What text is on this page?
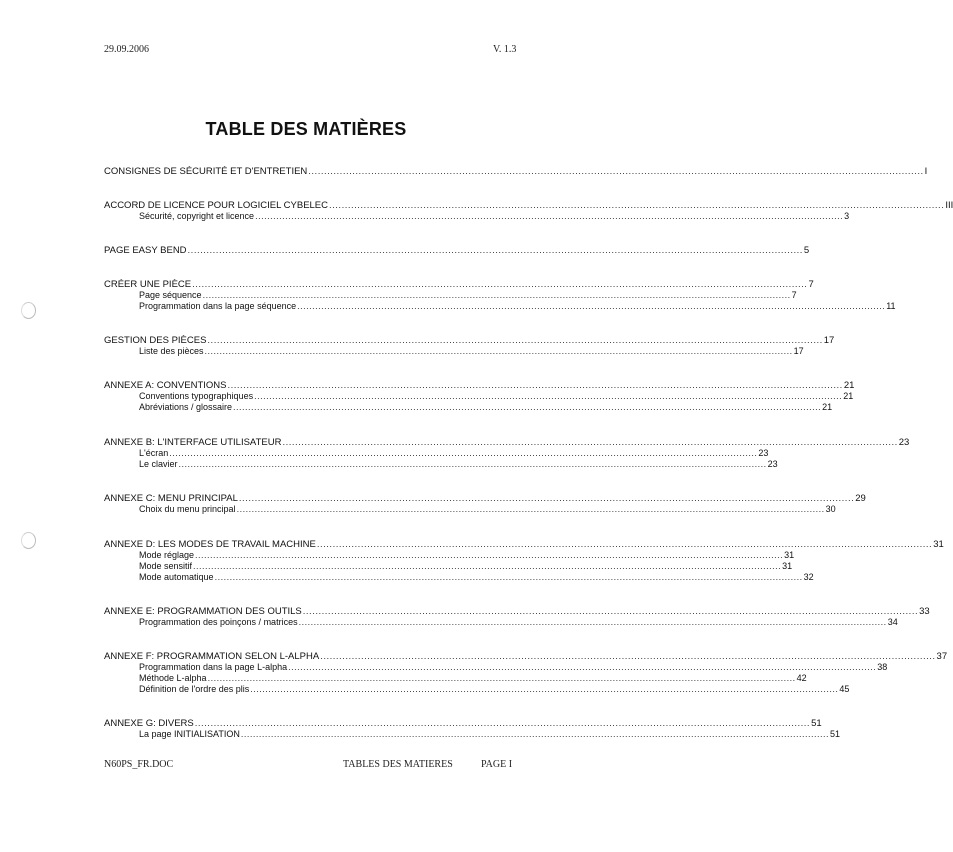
29.09.2006	V. 1.3
TABLE DES MATIÈRES
CONSIGNES DE SÉCURITÉ ET D'ENTRETIEN .................................................................................................................................................................................................... I
ACCORD DE LICENCE POUR LOGICIEL CYBELEC .................................................................................................................................................................................................... III
Sécurité, copyright et licence .................................................................................................................................................................................................... 3
PAGE EASY BEND .................................................................................................................................................................................................... 5
CRÉER UNE PIÈCE .................................................................................................................................................................................................... 7
Page séquence .................................................................................................................................................................................................... 7
Programmation dans la page séquence .................................................................................................................................................................................................... 11
GESTION DES PIÈCES .................................................................................................................................................................................................... 17
Liste des pièces .................................................................................................................................................................................................... 17
ANNEXE A: CONVENTIONS .................................................................................................................................................................................................... 21
Conventions typographiques .................................................................................................................................................................................................... 21
Abréviations / glossaire .................................................................................................................................................................................................... 21
ANNEXE B: L'INTERFACE UTILISATEUR .................................................................................................................................................................................................... 23
L'écran .................................................................................................................................................................................................... 23
Le clavier .................................................................................................................................................................................................... 23
ANNEXE C: MENU PRINCIPAL .................................................................................................................................................................................................... 29
Choix du menu principal .................................................................................................................................................................................................... 30
ANNEXE D: LES MODES DE TRAVAIL MACHINE .................................................................................................................................................................................................... 31
Mode réglage .................................................................................................................................................................................................... 31
Mode sensitif .................................................................................................................................................................................................... 31
Mode automatique .................................................................................................................................................................................................... 32
ANNEXE E: PROGRAMMATION DES OUTILS .................................................................................................................................................................................................... 33
Programmation des poinçons / matrices .................................................................................................................................................................................................... 34
ANNEXE F: PROGRAMMATION SELON L-ALPHA .................................................................................................................................................................................................... 37
Programmation dans la page L-alpha .................................................................................................................................................................................................... 38
Méthode L-alpha .................................................................................................................................................................................................... 42
Définition de l'ordre des plis .................................................................................................................................................................................................... 45
ANNEXE G: DIVERS .................................................................................................................................................................................................... 51
La page INITIALISATION .................................................................................................................................................................................................... 51
N60PS_FR.DOC	TABLES DES MATIERES	PAGE I
